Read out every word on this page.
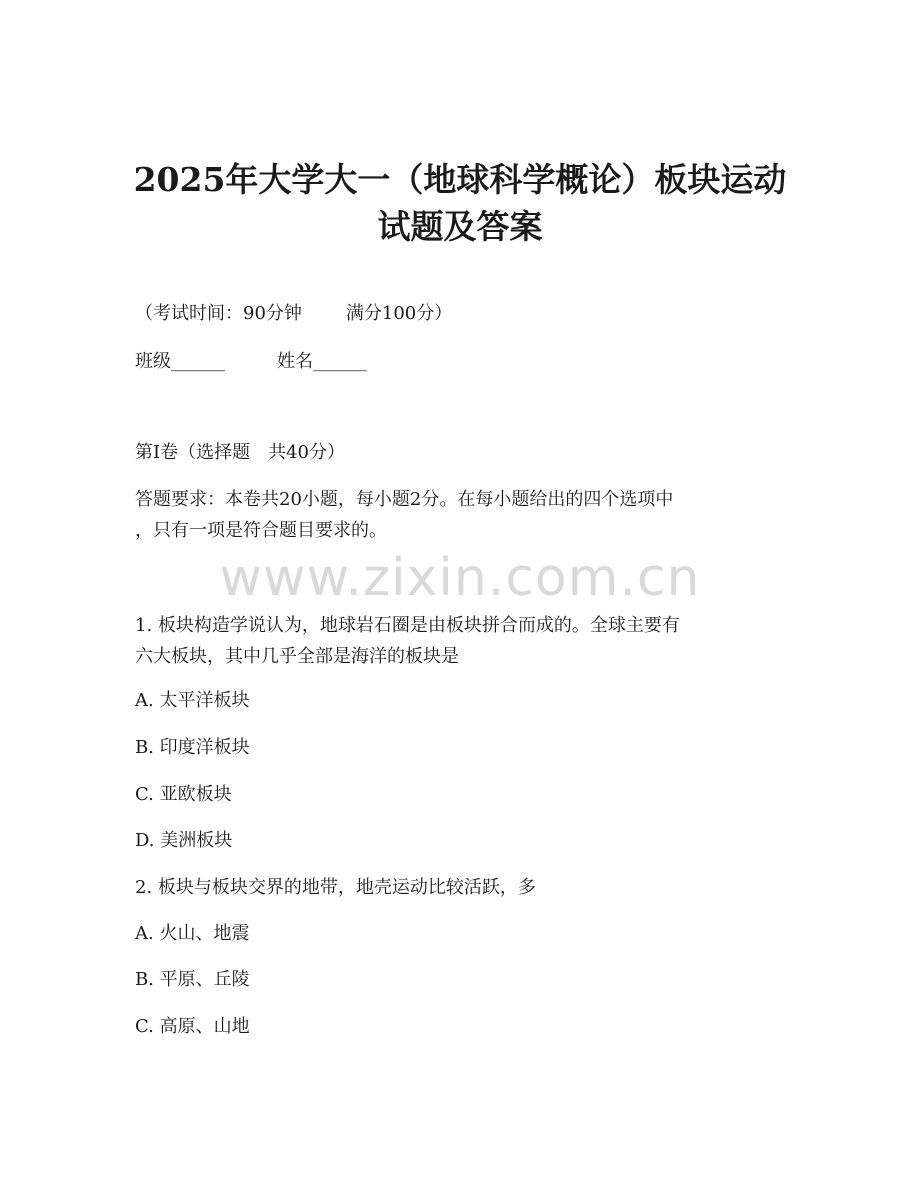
2025年大学大一（地球科学概论）板块运动
试题及答案

（考试时间：90分钟 满分100分）

班级______	姓名______

第I卷（选择题　共40分）

答题要求：本卷共20小题，每小题2分。在每小题给出的四个选项中
，只有一项是符合题目要求的。

www.zixin.com.cn

1. 板块构造学说认为，地球岩石圈是由板块拼合而成的。全球主要有
六大板块，其中几乎全部是海洋的板块是

A. 太平洋板块

B. 印度洋板块

C. 亚欧板块

D. 美洲板块

2. 板块与板块交界的地带，地壳运动比较活跃，多

A. 火山、地震

B. 平原、丘陵

C. 高原、山地
